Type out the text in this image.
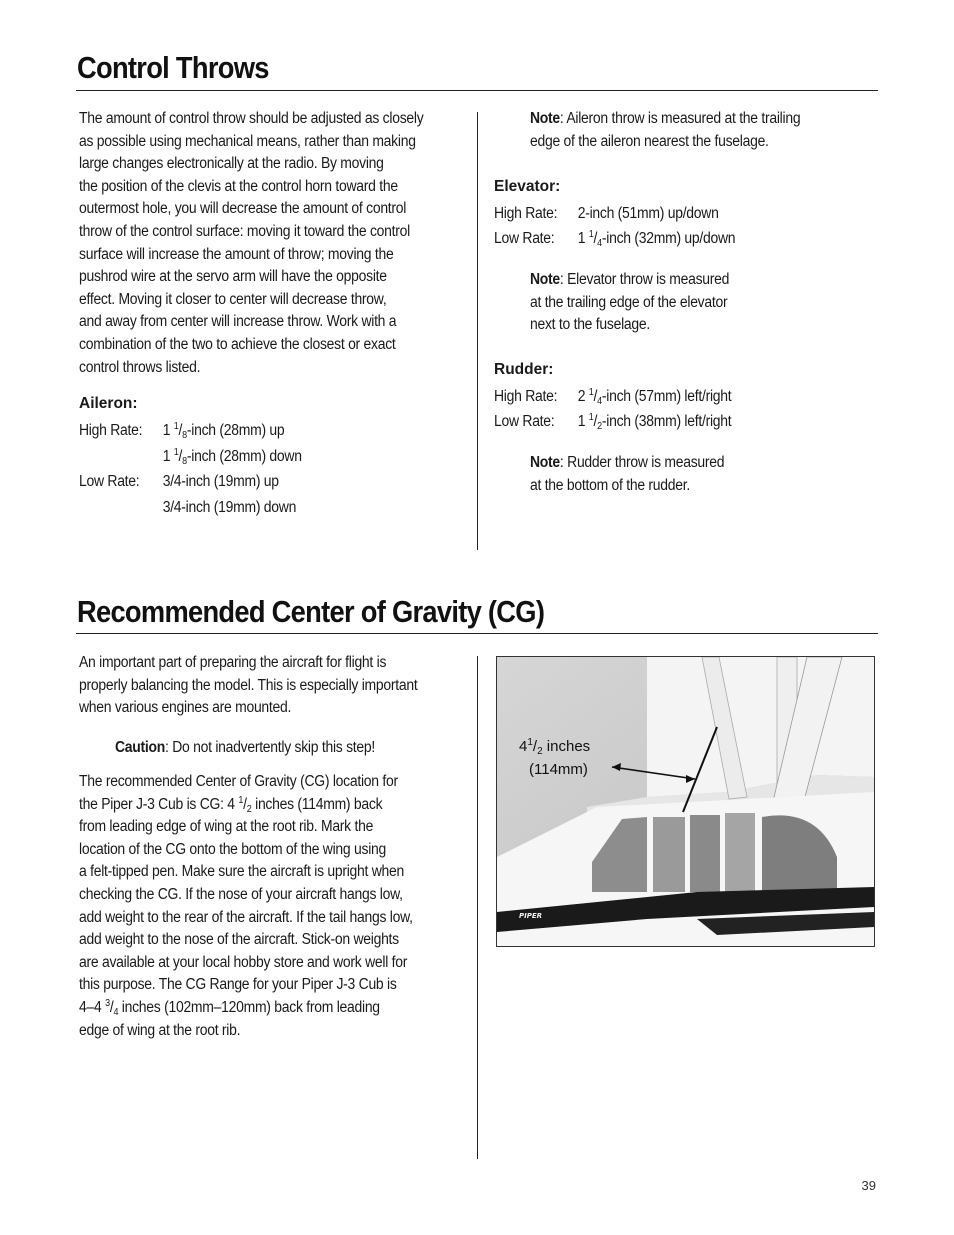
Control Throws
The amount of control throw should be adjusted as closely
as possible using mechanical means, rather than making
large changes electronically at the radio. By moving
the position of the clevis at the control horn toward the
outermost hole, you will decrease the amount of control
throw of the control surface: moving it toward the control
surface will increase the amount of throw; moving the
pushrod wire at the servo arm will have the opposite
effect. Moving it closer to center will decrease throw,
and away from center will increase throw. Work with a
combination of the two to achieve the closest or exact
control throws listed.
Aileron:
High Rate: 1 $^1/_8$-inch (28mm) up
1 $^1/_8$-inch (28mm) down
Low Rate: 3/4-inch (19mm) up
3/4-inch (19mm) down
Note: Aileron throw is measured at the trailing
edge of the aileron nearest the fuselage.
Elevator:
High Rate: 2-inch (51mm) up/down
Low Rate: 1 $^1/_4$-inch (32mm) up/down
Note: Elevator throw is measured
at the trailing edge of the elevator
next to the fuselage.
Rudder:
High Rate: 2 $^1/_4$-inch (57mm) left/right
Low Rate: 1 $^1/_2$-inch (38mm) left/right
Note: Rudder throw is measured
at the bottom of the rudder.
Recommended Center of Gravity (CG)
An important part of preparing the aircraft for flight is
properly balancing the model. This is especially important
when various engines are mounted.
Caution: Do not inadvertently skip this step!
The recommended Center of Gravity (CG) location for
the Piper J-3 Cub is CG: 4 $^1/_2$ inches (114mm) back
from leading edge of wing at the root rib. Mark the
location of the CG onto the bottom of the wing using
a felt-tipped pen. Make sure the aircraft is upright when
checking the CG. If the nose of your aircraft hangs low,
add weight to the rear of the aircraft. If the tail hangs low,
add weight to the nose of the aircraft. Stick-on weights
are available at your local hobby store and work well for
this purpose. The CG Range for your Piper J-3 Cub is
4–4 $^3/_4$ inches (102mm–120mm) back from leading
edge of wing at the root rib.
PIPER
$4^1/_2$ inches
(114mm)
39
